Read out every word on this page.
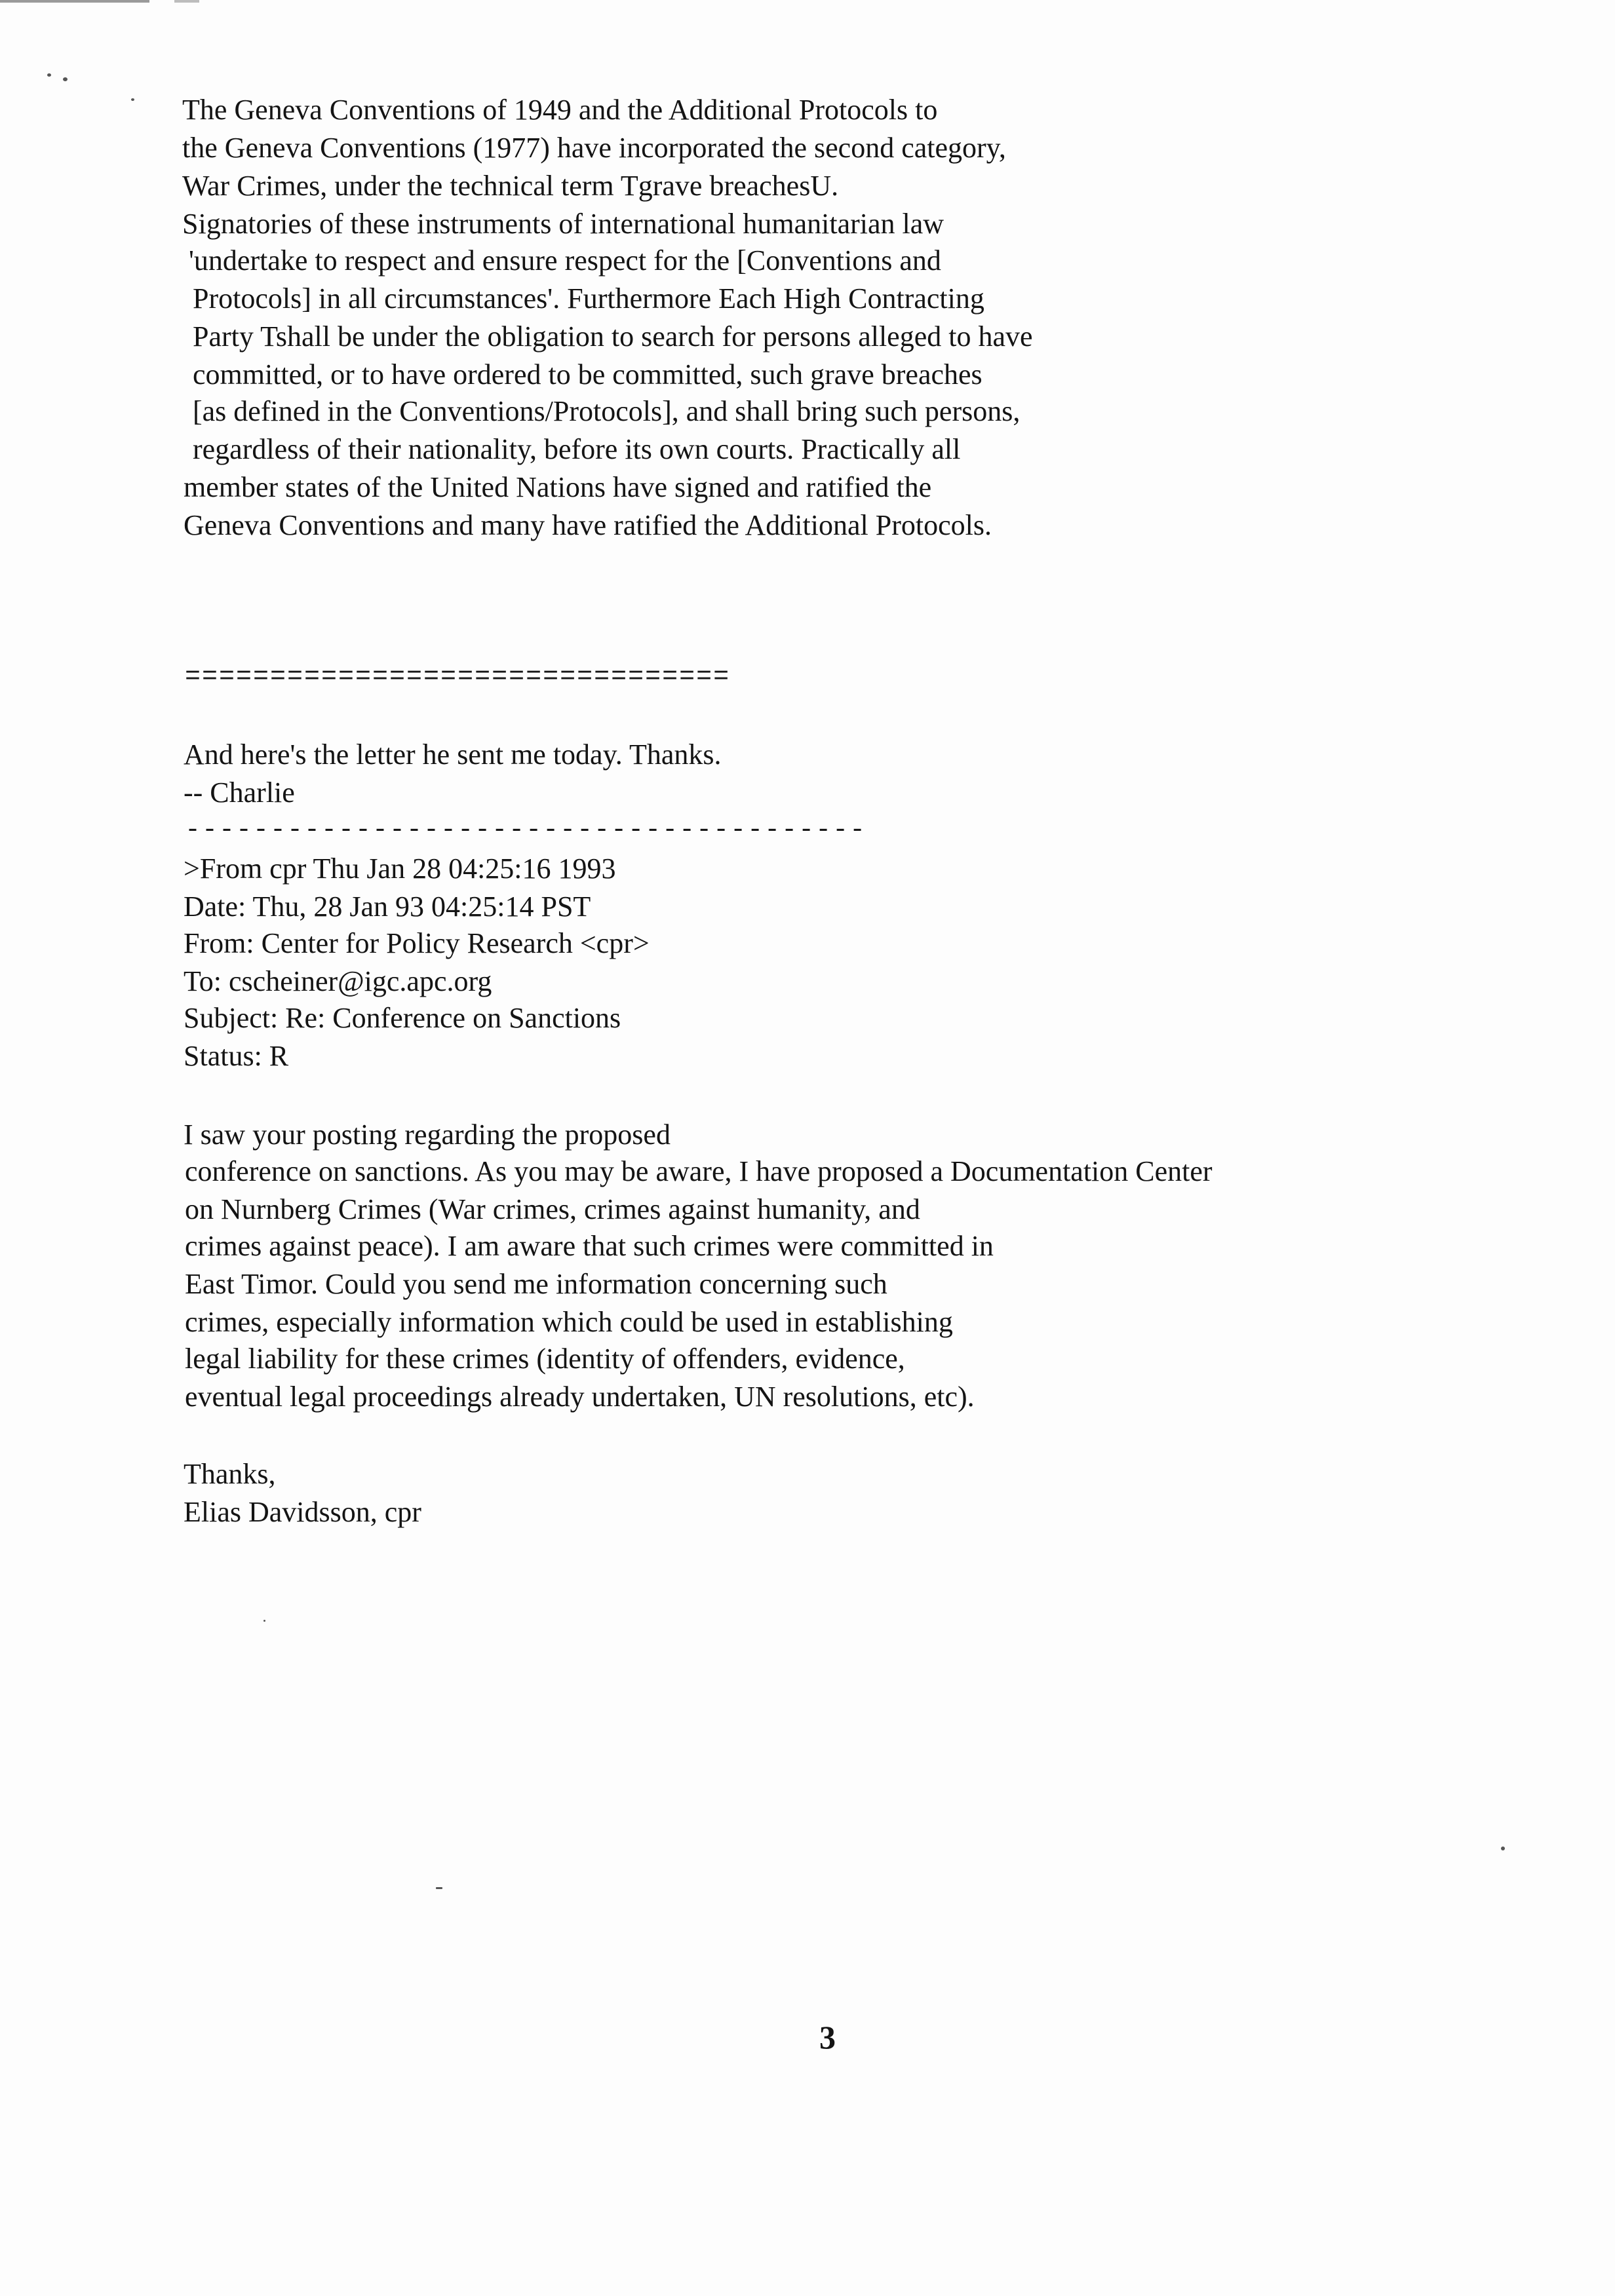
The Geneva Conventions of 1949 and the Additional Protocols to
the Geneva Conventions (1977) have incorporated the second category,
War Crimes, under the technical term Tgrave breachesU.
Signatories of these instruments of international humanitarian law
'undertake to respect and ensure respect for the [Conventions and
Protocols] in all circumstances'. Furthermore Each High Contracting
Party Tshall be under the obligation to search for persons alleged to have
committed, or to have ordered to be committed, such grave breaches
[as defined in the Conventions/Protocols], and shall bring such persons,
regardless of their nationality, before its own courts. Practically all
member states of the United Nations have signed and ratified the
Geneva Conventions and many have ratified the Additional Protocols.
================================
And here's the letter he sent me today. Thanks.
-- Charlie
----------------------------------------
>From cpr Thu Jan 28 04:25:16 1993
Date: Thu, 28 Jan 93 04:25:14 PST
From: Center for Policy Research <cpr>
To: cscheiner@igc.apc.org
Subject: Re: Conference on Sanctions
Status: R
I saw your posting regarding the proposed
conference on sanctions. As you may be aware, I have proposed a Documentation Center
on Nurnberg Crimes (War crimes, crimes against humanity, and
crimes against peace). I am aware that such crimes were committed in
East Timor. Could you send me information concerning such
crimes, especially information which could be used in establishing
legal liability for these crimes (identity of offenders, evidence,
eventual legal proceedings already undertaken, UN resolutions, etc).
Thanks,
Elias Davidsson, cpr
3
